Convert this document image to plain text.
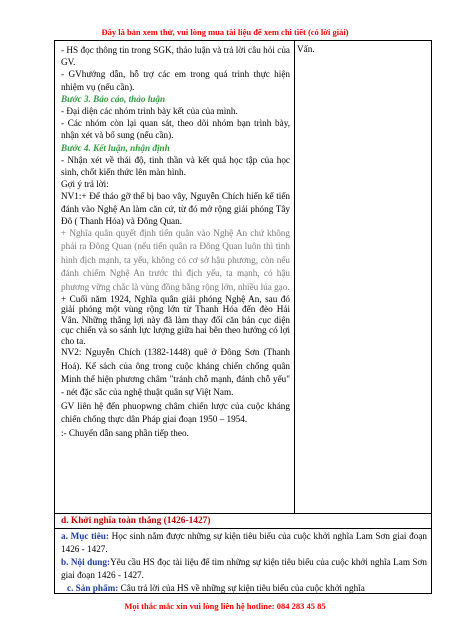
Đây là bản xem thử, vui lòng mua tài liệu để xem chi tiết (có lời giải)

- HS đọc thông tin trong SGK, thảo luận và trả lời câu hỏi của GV.

- GVhướng dẫn, hỗ trợ các em trong quá trình thực hiện nhiệm vụ (nếu cần).

Bước 3. Báo cáo, thảo luận

- Đại diện các nhóm trình bày kết của của mình.

- Các nhóm còn lại quan sát, theo dõi nhóm bạn trình bày, nhận xét và bổ sung (nếu cần).

Bước 4. Kết luận, nhận định

- Nhận xét về thái độ, tinh thần và kết quả học tập của học sinh, chốt kiến thức lên màn hình.

Gợi ý trả lời:

NV1:+ Để tháo gỡ thế bị bao vây, Nguyễn Chích hiến kế tiến đánh vào Nghệ An làm căn cứ, từ đó mở rộng giải phóng Tây Đô ( Thanh Hóa) và Đông Quan.

+ Nghĩa quân quyết định tiến quân vào Nghệ An chứ không phải ra Đông Quan (nếu tiến quân ra Đông Quan luôn thì tình hình địch mạnh, ta yếu, không có cơ sở hậu phương, còn nếu đánh chiếm Nghệ An trước thì địch yếu, ta mạnh, có hậu phương vững chắc là vùng đồng bằng rộng lớn, nhiều lúa gạo.

+ Cuối năm 1924, Nghĩa quân giải phóng Nghệ An, sau đó giải phóng một vùng rộng lớn từ Thanh Hóa đến đèo Hải Vân. Những thắng lợi này đã làm thay đổi căn bản cục diện cục chiến và so sánh lực lượng giữa hai bên theo hướng có lợi cho ta.

NV2: Nguyễn Chích (1382-1448) quê ở Đông Sơn (Thanh Hoá). Kế sách của ông trong cuộc kháng chiến chống quân Minh thể hiện phương châm "tránh chỗ mạnh, đánh chỗ yếu" - nét đặc sắc của nghệ thuật quân sự Việt Nam.

GV liên hệ đến phuopwng châm chiến lược của cuộc kháng chiến chống thực dân Pháp giai đoạn 1950 – 1954.

:- Chuyển dẫn sang phần tiếp theo.

Vấn.
d. Khởi nghĩa toàn thắng (1426-1427)

a. Mục tiêu: Học sinh nắm được những sự kiện tiêu biểu của cuộc khởi nghĩa Lam Sơn giai đoạn 1426 - 1427.

b. Nội dung:Yêu cầu HS đọc tài liệu để tìm những sự kiện tiêu biểu của cuộc khởi nghĩa Lam Sơn giai đoạn 1426 - 1427.

c. Sản phẩm: Câu trả lời của HS về những sự kiện tiêu biểu của cuộc khởi nghĩa

Mọi thắc mắc xin vui lòng liên hệ hotline: 084 283 45 85
